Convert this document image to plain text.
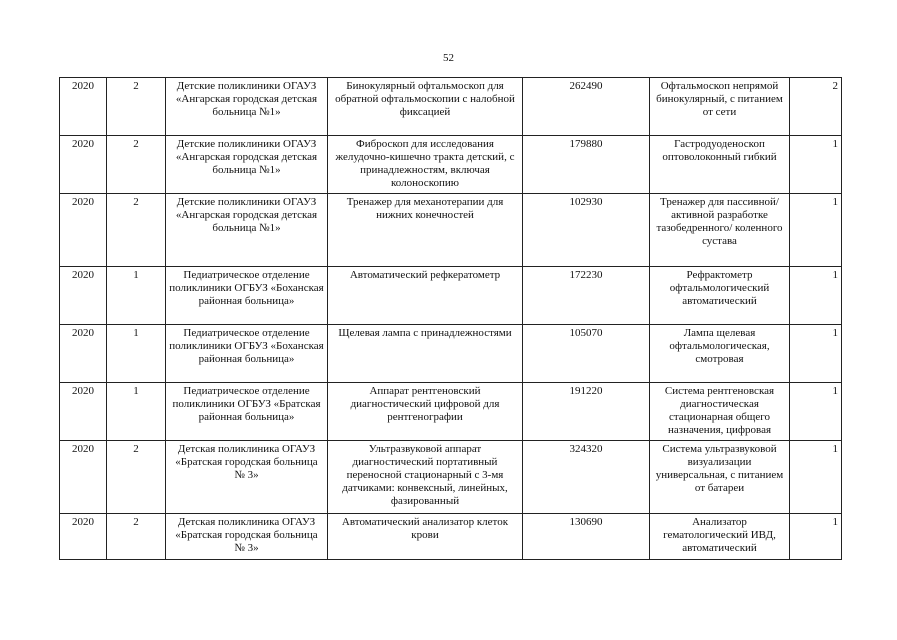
52
2020	2	Детские поликлиники ОГАУЗ «Ангарская городская детская больница №1»	Бинокулярный офтальмоскоп для обратной офтальмоскопии с налобной фиксацией	262490	Офтальмоскоп непрямой бинокулярный, с питанием от сети	2
2020	2	Детские поликлиники ОГАУЗ «Ангарская городская детская больница №1»	Фиброскоп для исследования желудочно-кишечно тракта детский, с принадлежностям, включая колоноскопию	179880	Гастродуоденоскоп оптоволоконный гибкий	1
2020	2	Детские поликлиники ОГАУЗ «Ангарская городская детская больница №1»	Тренажер для механотерапии для нижних конечностей	102930	Тренажер для пассивной/активной разработке тазобедренного/ коленного сустава	1
2020	1	Педиатрическое отделение поликлиники ОГБУЗ «Боханская районная больница»	Автоматический рефкератометр	172230	Рефрактометр офтальмологический автоматический	1
2020	1	Педиатрическое отделение поликлиники ОГБУЗ «Боханская районная больница»	Щелевая лампа с принадлежностями	105070	Лампа щелевая офтальмологическая, смотровая	1
2020	1	Педиатрическое отделение поликлиники ОГБУЗ «Братская районная больница»	Аппарат рентгеновский диагностический цифровой для рентгенографии	191220	Система рентгеновская диагностическая стационарная общего назначения, цифровая	1
2020	2	Детская поликлиника ОГАУЗ «Братская городская больница № 3»	Ультразвуковой аппарат диагностический портативный переносной стационарный с 3-мя датчиками: конвексный, линейных, фазированный	324320	Система ультразвуковой визуализации универсальная, с питанием от батареи	1
2020	2	Детская поликлиника ОГАУЗ «Братская городская больница № 3»	Автоматический анализатор клеток крови	130690	Анализатор гематологический ИВД, автоматический	1
